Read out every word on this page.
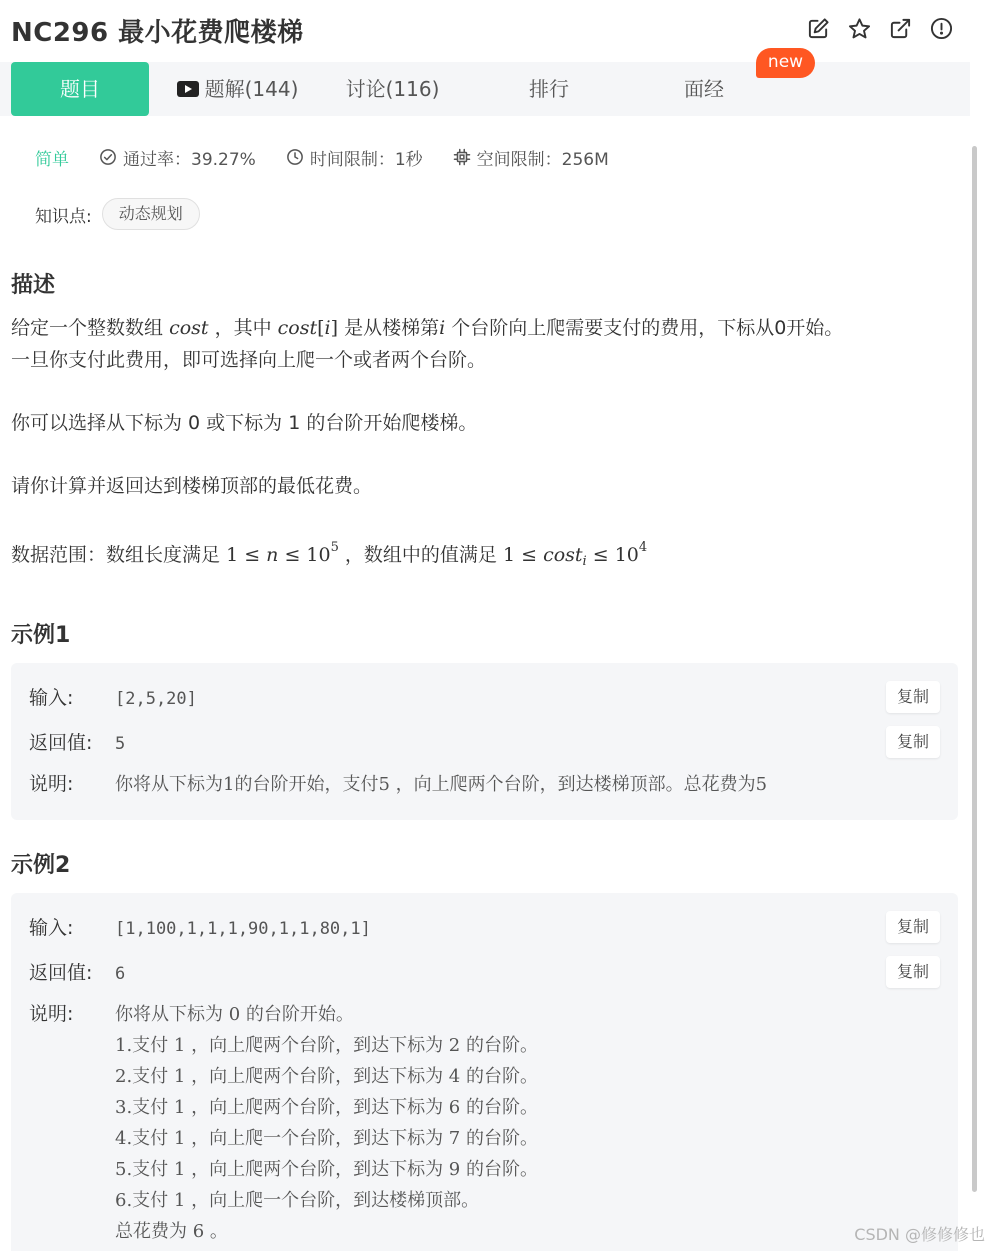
NC296 最小花费爬楼梯
题目	题解(144)	讨论(116)	排行	面经
new
简单	通过率：39.27%	时间限制：1秒	空间限制：256M
知识点:	动态规划
描述
给定一个整数数组 cost ，其中 cost[i] 是从楼梯第i 个台阶向上爬需要支付的费用，下标从0开始。
一旦你支付此费用，即可选择向上爬一个或者两个台阶。
你可以选择从下标为 0 或下标为 1 的台阶开始爬楼梯。
请你计算并返回达到楼梯顶部的最低花费。
数据范围：数组长度满足 $1 \le n \le 10^5$ ，数组中的值满足 $1 \le \cos t_i \le 10^4$
示例1
输入: [2,5,20]	复制
返回值: 5	复制
说明:	你将从下标为1的台阶开始，支付5 ，向上爬两个台阶，到达楼梯顶部。总花费为5
示例2
输入: [1,100,1,1,1,90,1,1,80,1]	复制
返回值: 6	复制
说明:	你将从下标为 0 的台阶开始。
1.支付 1 ，向上爬两个台阶，到达下标为 2 的台阶。
2.支付 1 ，向上爬两个台阶，到达下标为 4 的台阶。
3.支付 1 ，向上爬两个台阶，到达下标为 6 的台阶。
4.支付 1 ，向上爬一个台阶，到达下标为 7 的台阶。
5.支付 1 ，向上爬两个台阶，到达下标为 9 的台阶。
6.支付 1 ，向上爬一个台阶，到达楼梯顶部。
总花费为 6 。	CSDN @修修修也
